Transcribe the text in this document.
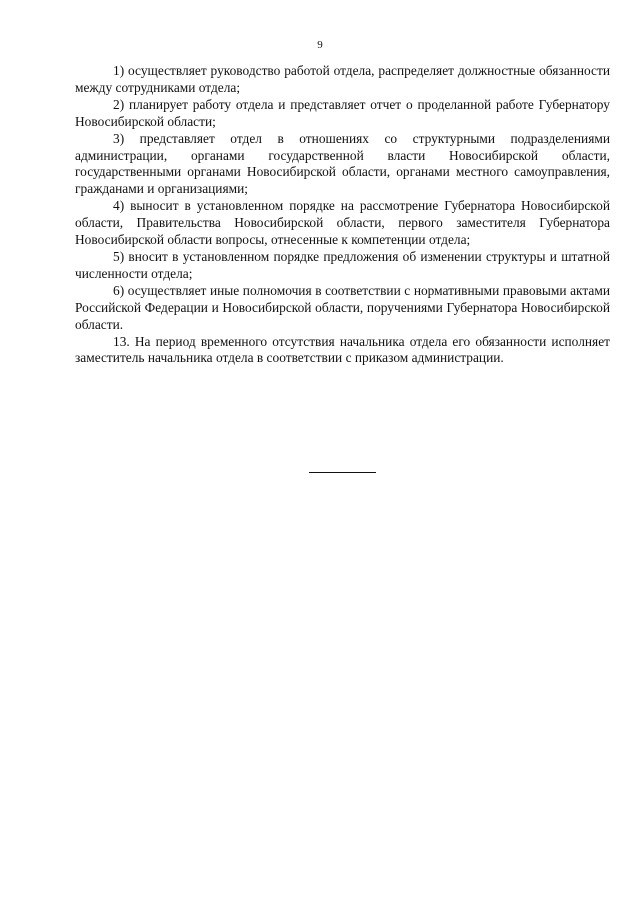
9

1) осуществляет руководство работой отдела, распределяет должностные обязанности между сотрудниками отдела;

2) планирует работу отдела и представляет отчет о проделанной работе Губернатору Новосибирской области;

3) представляет отдел в отношениях со структурными подразделениями администрации, органами государственной власти Новосибирской области, государственными органами Новосибирской области, органами местного самоуправления, гражданами и организациями;

4) выносит в установленном порядке на рассмотрение Губернатора Новосибирской области, Правительства Новосибирской области, первого заместителя Губернатора Новосибирской области вопросы, отнесенные к компетенции отдела;

5) вносит в установленном порядке предложения об изменении структуры и штатной численности отдела;

6) осуществляет иные полномочия в соответствии с нормативными правовыми актами Российской Федерации и Новосибирской области, поручениями Губернатора Новосибирской области.

13. На период временного отсутствия начальника отдела его обязанности исполняет заместитель начальника отдела в соответствии с приказом администрации.
